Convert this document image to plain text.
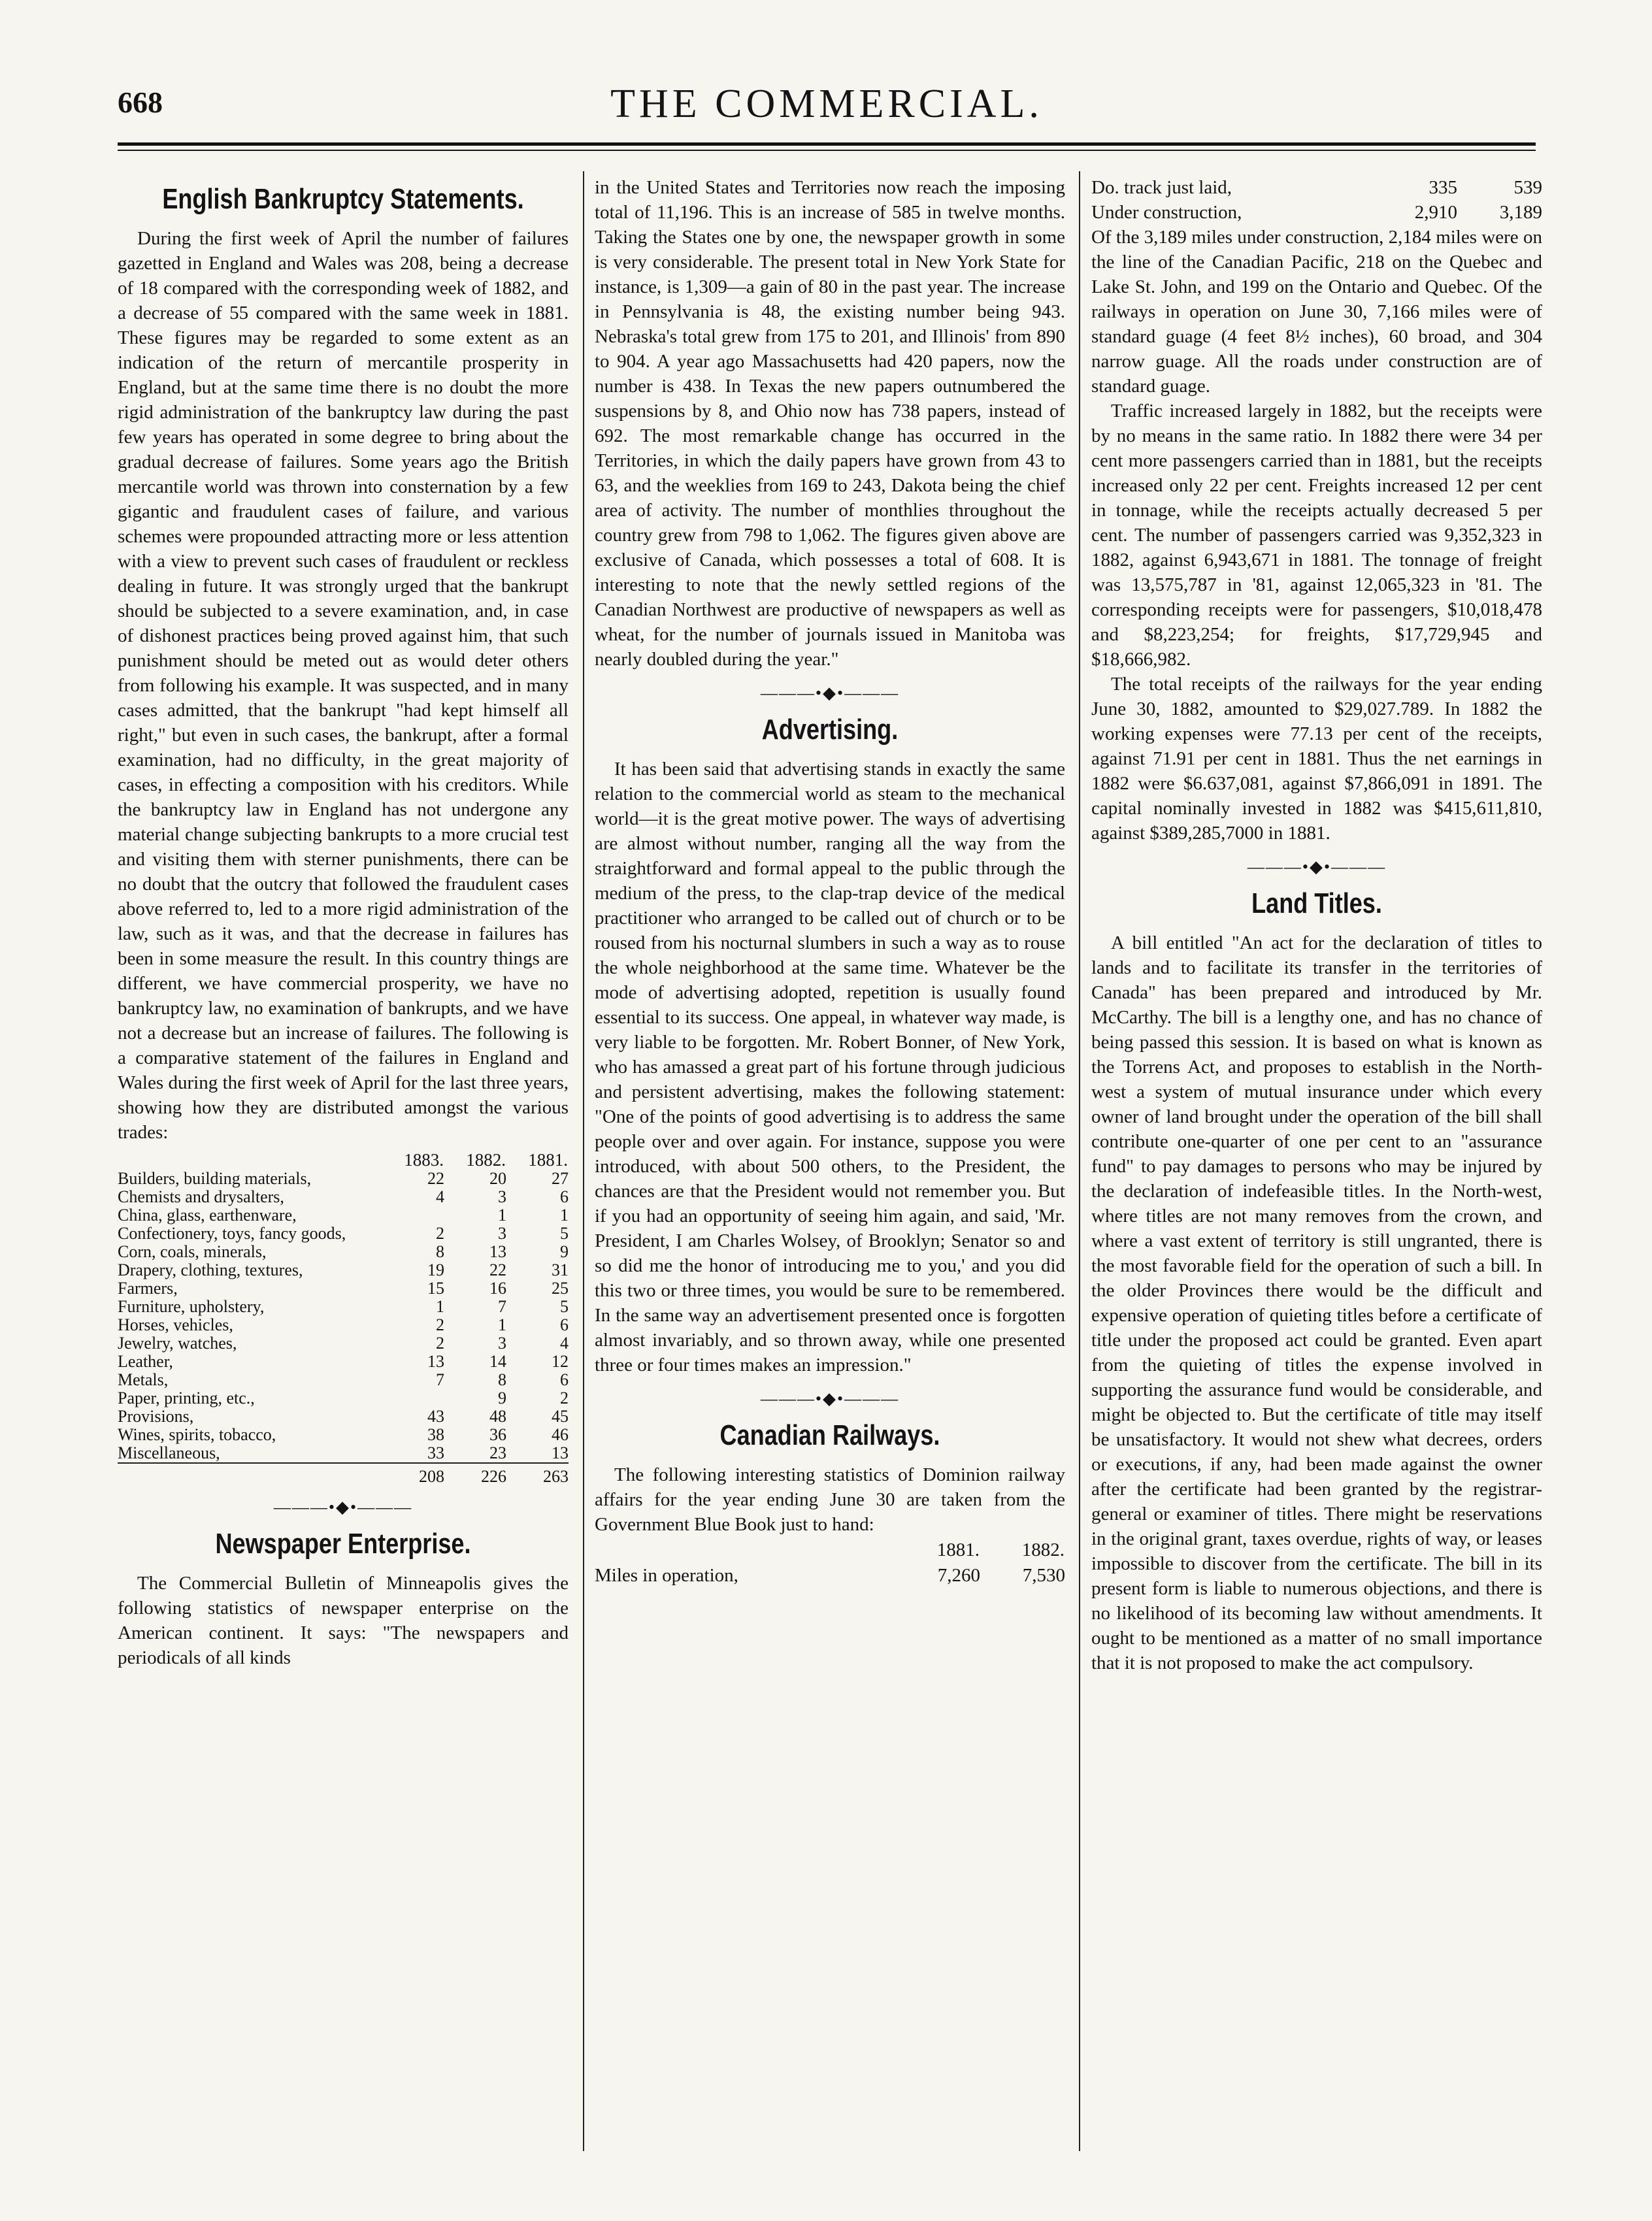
668	THE COMMERCIAL.
English Bankruptcy Statements.

During the first week of April the number of failures gazetted in England and Wales was 208, being a decrease of 18 compared with the corresponding week of 1882, and a decrease of 55 compared with the same week in 1881. These figures may be regarded to some extent as an indication of the return of mercantile prosperity in England, but at the same time there is no doubt the more rigid administration of the bankruptcy law during the past few years has operated in some degree to bring about the gradual decrease of failures. Some years ago the British mercantile world was thrown into consternation by a few gigantic and fraudulent cases of failure, and various schemes were propounded attracting more or less attention with a view to prevent such cases of fraudulent or reckless dealing in future. It was strongly urged that the bankrupt should be subjected to a severe examination, and, in case of dishonest practices being proved against him, that such punishment should be meted out as would deter others from following his example. It was suspected, and in many cases admitted, that the bankrupt "had kept himself all right," but even in such cases, the bankrupt, after a formal examination, had no difficulty, in the great majority of cases, in effecting a composition with his creditors. While the bankruptcy law in England has not undergone any material change subjecting bankrupts to a more crucial test and visiting them with sterner punishments, there can be no doubt that the outcry that followed the fraudulent cases above referred to, led to a more rigid administration of the law, such as it was, and that the decrease in failures has been in some measure the result. In this country things are different, we have commercial prosperity, we have no bankruptcy law, no examination of bankrupts, and we have not a decrease but an increase of failures. The following is a comparative statement of the failures in England and Wales during the first week of April for the last three years, showing how they are distributed amongst the various trades:

	1883.	1882.	1881.
Builders, building materials,	22	20	27
Chemists and drysalters,	4	3	6
China, glass, earthenware,		1	1
Confectionery, toys, fancy goods,	2	3	5
Corn, coals, minerals,	8	13	9
Drapery, clothing, textures,	19	22	31
Farmers,	15	16	25
Furniture, upholstery,	1	7	5
Horses, vehicles,	2	1	6
Jewelry, watches,	2	3	4
Leather,	13	14	12
Metals,	7	8	6
Paper, printing, etc.,		9	2
Provisions,	43	48	45
Wines, spirits, tobacco,	38	36	46
Miscellaneous,	33	23	13
	208	226	263
———•◆•———
Newspaper Enterprise.

The Commercial Bulletin of Minneapolis gives the following statistics of newspaper enterprise on the American continent. It says: "The newspapers and periodicals of all kinds

in the United States and Territories now reach the imposing total of 11,196. This is an increase of 585 in twelve months. Taking the States one by one, the newspaper growth in some is very considerable. The present total in New York State for instance, is 1,309—a gain of 80 in the past year. The increase in Pennsylvania is 48, the existing number being 943. Nebraska's total grew from 175 to 201, and Illinois' from 890 to 904. A year ago Massachusetts had 420 papers, now the number is 438. In Texas the new papers outnumbered the suspensions by 8, and Ohio now has 738 papers, instead of 692. The most remarkable change has occurred in the Territories, in which the daily papers have grown from 43 to 63, and the weeklies from 169 to 243, Dakota being the chief area of activity. The number of monthlies throughout the country grew from 798 to 1,062. The figures given above are exclusive of Canada, which possesses a total of 608. It is interesting to note that the newly settled regions of the Canadian Northwest are productive of newspapers as well as wheat, for the number of journals issued in Manitoba was nearly doubled during the year."

———•◆•———
Advertising.

It has been said that advertising stands in exactly the same relation to the commercial world as steam to the mechanical world—it is the great motive power. The ways of advertising are almost without number, ranging all the way from the straightforward and formal appeal to the public through the medium of the press, to the clap-trap device of the medical practitioner who arranged to be called out of church or to be roused from his nocturnal slumbers in such a way as to rouse the whole neighborhood at the same time. Whatever be the mode of advertising adopted, repetition is usually found essential to its success. One appeal, in whatever way made, is very liable to be forgotten. Mr. Robert Bonner, of New York, who has amassed a great part of his fortune through judicious and persistent advertising, makes the following statement: "One of the points of good advertising is to address the same people over and over again. For instance, suppose you were introduced, with about 500 others, to the President, the chances are that the President would not remember you. But if you had an opportunity of seeing him again, and said, 'Mr. President, I am Charles Wolsey, of Brooklyn; Senator so and so did me the honor of introducing me to you,' and you did this two or three times, you would be sure to be remembered. In the same way an advertisement presented once is forgotten almost invariably, and so thrown away, while one presented three or four times makes an impression."

———•◆•———
Canadian Railways.

The following interesting statistics of Dominion railway affairs for the year ending June 30 are taken from the Government Blue Book just to hand:

	1881.	1882.
Miles in operation,	7,260	7,530
Do. track just laid,	335	539
Under construction,	2,910	3,189

Of the 3,189 miles under construction, 2,184 miles were on the line of the Canadian Pacific, 218 on the Quebec and Lake St. John, and 199 on the Ontario and Quebec. Of the railways in operation on June 30, 7,166 miles were of standard guage (4 feet 8½ inches), 60 broad, and 304 narrow guage. All the roads under construction are of standard guage.

Traffic increased largely in 1882, but the receipts were by no means in the same ratio. In 1882 there were 34 per cent more passengers carried than in 1881, but the receipts increased only 22 per cent. Freights increased 12 per cent in tonnage, while the receipts actually decreased 5 per cent. The number of passengers carried was 9,352,323 in 1882, against 6,943,671 in 1881. The tonnage of freight was 13,575,787 in '81, against 12,065,323 in '81. The corresponding receipts were for passengers, $10,018,478 and $8,223,254; for freights, $17,729,945 and $18,666,982.

The total receipts of the railways for the year ending June 30, 1882, amounted to $29,027.789. In 1882 the working expenses were 77.13 per cent of the receipts, against 71.91 per cent in 1881. Thus the net earnings in 1882 were $6.637,081, against $7,866,091 in 1891. The capital nominally invested in 1882 was $415,611,810, against $389,285,7000 in 1881.

———•◆•———
Land Titles.

A bill entitled "An act for the declaration of titles to lands and to facilitate its transfer in the territories of Canada" has been prepared and introduced by Mr. McCarthy. The bill is a lengthy one, and has no chance of being passed this session. It is based on what is known as the Torrens Act, and proposes to establish in the North-west a system of mutual insurance under which every owner of land brought under the operation of the bill shall contribute one-quarter of one per cent to an "assurance fund" to pay damages to persons who may be injured by the declaration of indefeasible titles. In the North-west, where titles are not many removes from the crown, and where a vast extent of territory is still ungranted, there is the most favorable field for the operation of such a bill. In the older Provinces there would be the difficult and expensive operation of quieting titles before a certificate of title under the proposed act could be granted. Even apart from the quieting of titles the expense involved in supporting the assurance fund would be considerable, and might be objected to. But the certificate of title may itself be unsatisfactory. It would not shew what decrees, orders or executions, if any, had been made against the owner after the certificate had been granted by the registrar-general or examiner of titles. There might be reservations in the original grant, taxes overdue, rights of way, or leases impossible to discover from the certificate. The bill in its present form is liable to numerous objections, and there is no likelihood of its becoming law without amendments. It ought to be mentioned as a matter of no small importance that it is not proposed to make the act compulsory.
